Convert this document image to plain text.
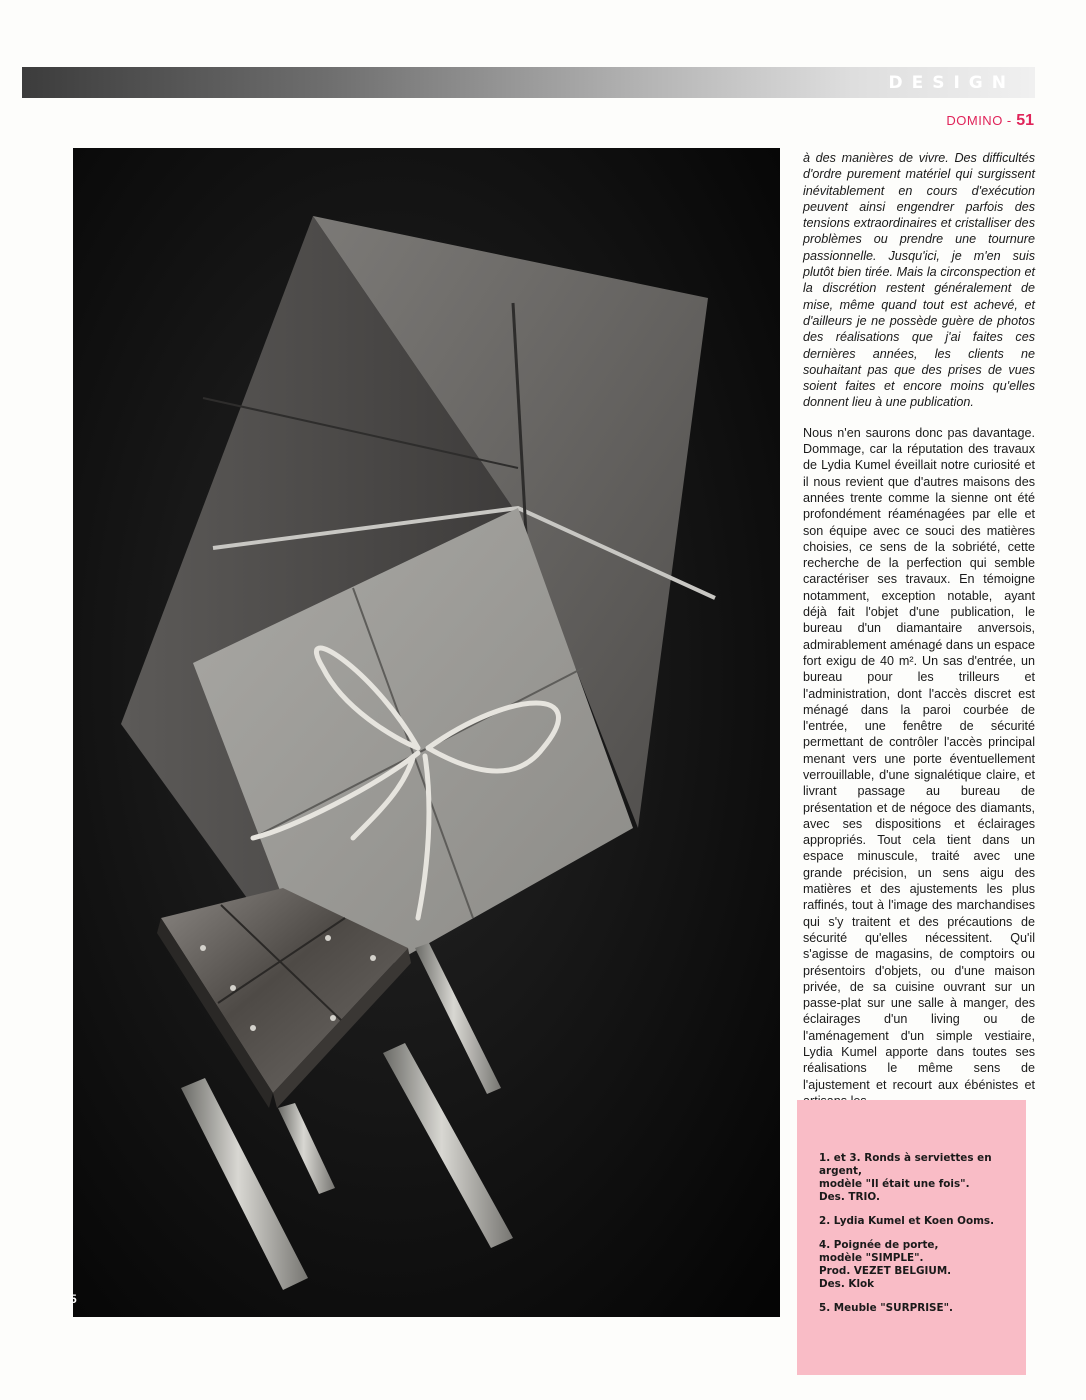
DESIGN
DOMINO - 51
5

à des manières de vivre. Des difficultés d'ordre purement matériel qui surgissent inévitablement en cours d'exécution peuvent ainsi engendrer parfois des tensions extraordinaires et cristalliser des problèmes ou prendre une tournure passionnelle. Jusqu'ici, je m'en suis plutôt bien tirée. Mais la circonspection et la discrétion restent généralement de mise, même quand tout est achevé, et d'ailleurs je ne possède guère de photos des réalisations que j'ai faites ces dernières années, les clients ne souhaitant pas que des prises de vues soient faites et encore moins qu'elles donnent lieu à une publication.

Nous n'en saurons donc pas davantage. Dommage, car la réputation des travaux de Lydia Kumel éveillait notre curiosité et il nous revient que d'autres maisons des années trente comme la sienne ont été profondément réaménagées par elle et son équipe avec ce souci des matières choisies, ce sens de la sobriété, cette recherche de la perfection qui semble caractériser ses travaux. En témoigne notamment, exception notable, ayant déjà fait l'objet d'une publication, le bureau d'un diamantaire anversois, admirablement aménagé dans un espace fort exigu de 40 m². Un sas d'entrée, un bureau pour les trilleurs et l'administration, dont l'accès discret est ménagé dans la paroi courbée de l'entrée, une fenêtre de sécurité permettant de contrôler l'accès principal menant vers une porte éventuellement verrouillable, d'une signalétique claire, et livrant passage au bureau de présentation et de négoce des diamants, avec ses dispositions et éclairages appropriés. Tout cela tient dans un espace minuscule, traité avec une grande précision, un sens aigu des matières et des ajustements les plus raffinés, tout à l'image des marchandises qui s'y traitent et des précautions de sécurité qu'elles nécessitent. Qu'il s'agisse de magasins, de comptoirs ou présentoirs d'objets, ou d'une maison privée, de sa cuisine ouvrant sur un passe-plat sur une salle à manger, des éclairages d'un living ou de l'aménagement d'un simple vestiaire, Lydia Kumel apporte dans toutes ses réalisations le même sens de l'ajustement et recourt aux ébénistes et

1. et 3. Ronds à serviettes en argent,
modèle "Il était une fois".
Des. TRIO.

2. Lydia Kumel et Koen Ooms.

4. Poignée de porte,
modèle "SIMPLE".
Prod. VEZET BELGIUM.
Des. Klok

5. Meuble "SURPRISE".
